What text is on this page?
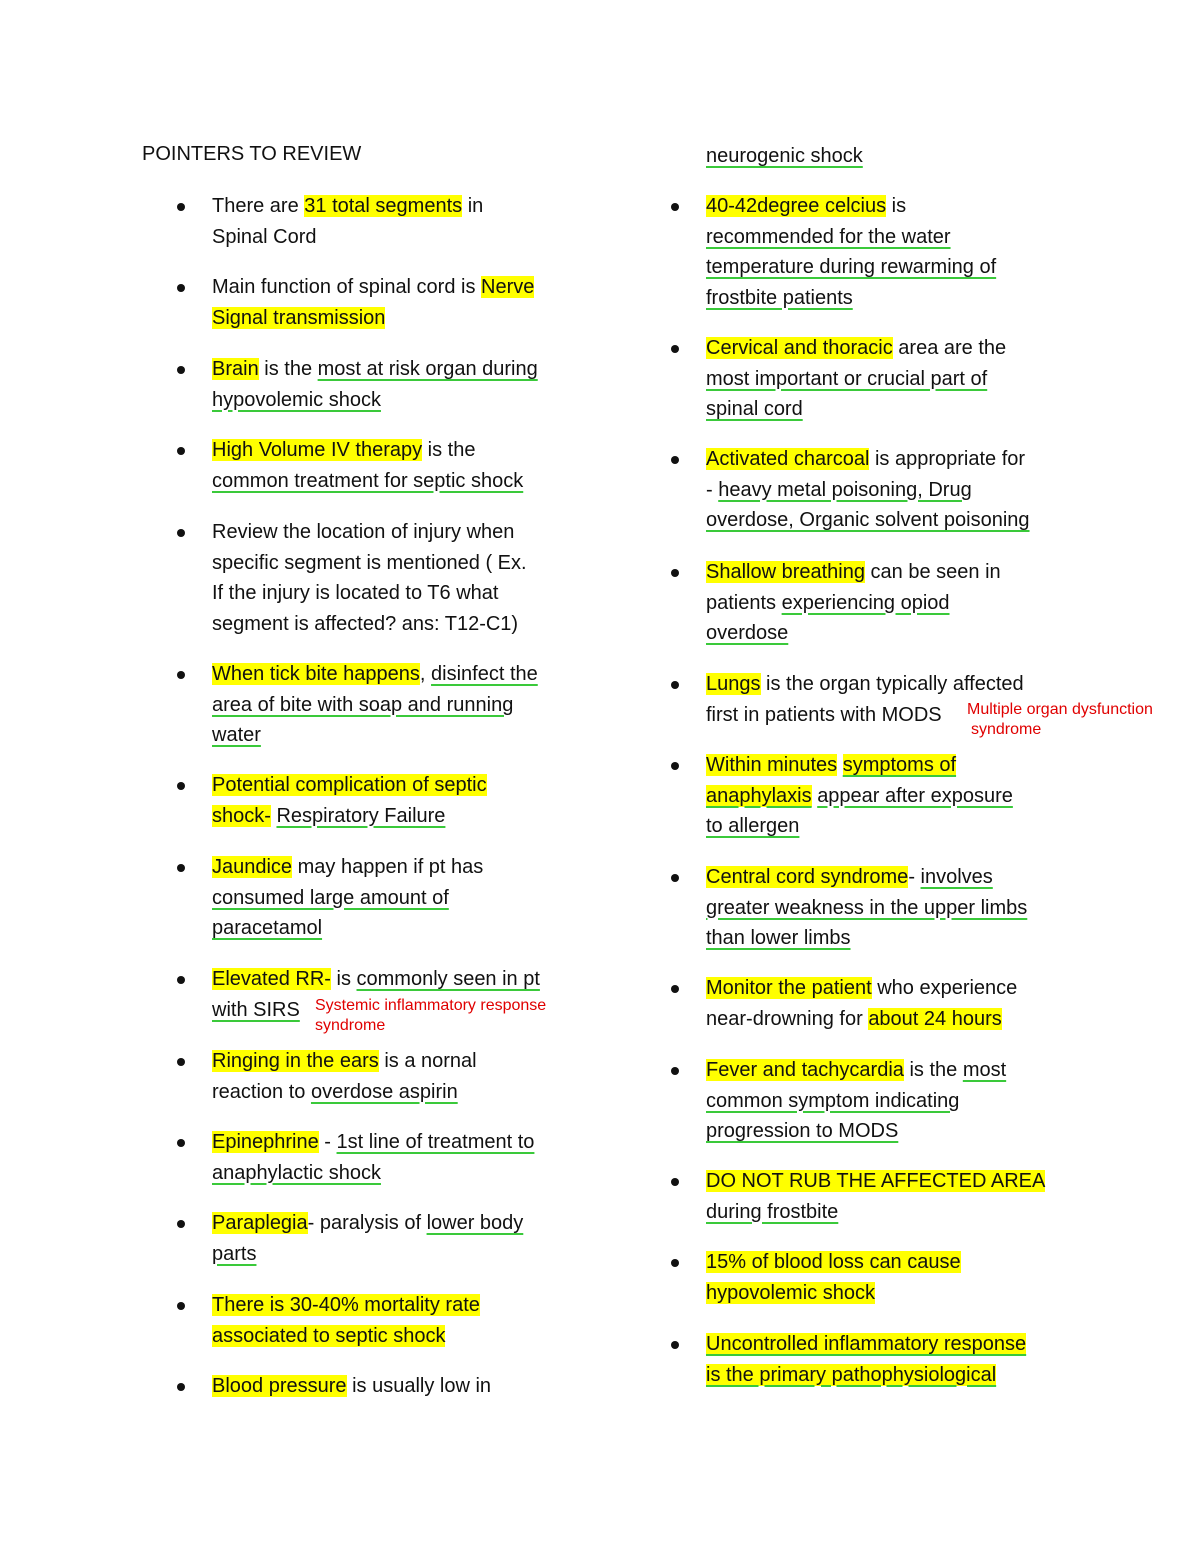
There are 31 total segments in
Spinal Cord
Main function of spinal cord is Nerve
Signal transmission
Brain is the most at risk organ during
hypovolemic shock
High Volume IV therapy is the
common treatment for septic shock
Review the location of injury when
specific segment is mentioned ( Ex.
If the injury is located to T6 what
segment is affected? ans: T12-C1)
When tick bite happens, disinfect the
area of bite with soap and running
water
Potential complication of septic
shock- Respiratory Failure
Jaundice may happen if pt has
consumed large amount of
paracetamol
Elevated RR- is commonly seen in pt
with SIRS Systemic inflammatory response
syndrome
Ringing in the ears is a nornal
reaction to overdose aspirin
Epinephrine - 1st line of treatment to
anaphylactic shock
Paraplegia- paralysis of lower body
parts
There is 30-40% mortality rate
associated to septic shock
Blood pressure is usually low in
neurogenic shock
40-42degree celcius is
recommended for the water
temperature during rewarming of
frostbite patients
Cervical and thoracic area are the
most important or crucial part of
spinal cord
Activated charcoal is appropriate for
- heavy metal poisoning, Drug
overdose, Organic solvent poisoning
Shallow breathing can be seen in
patients experiencing opiod
overdose
Lungs is the organ typically affected
first in patients with MODS Multiple organ dysfunction
syndrome
Within minutes symptoms of
anaphylaxis appear after exposure
to allergen
Central cord syndrome- involves
greater weakness in the upper limbs
than lower limbs
Monitor the patient who experience
near-drowning for about 24 hours
Fever and tachycardia is the most
common symptom indicating
progression to MODS
DO NOT RUB THE AFFECTED AREA
during frostbite
15% of blood loss can cause
hypovolemic shock
Uncontrolled inflammatory response
is the primary pathophysiological
POINTERS TO REVIEW
